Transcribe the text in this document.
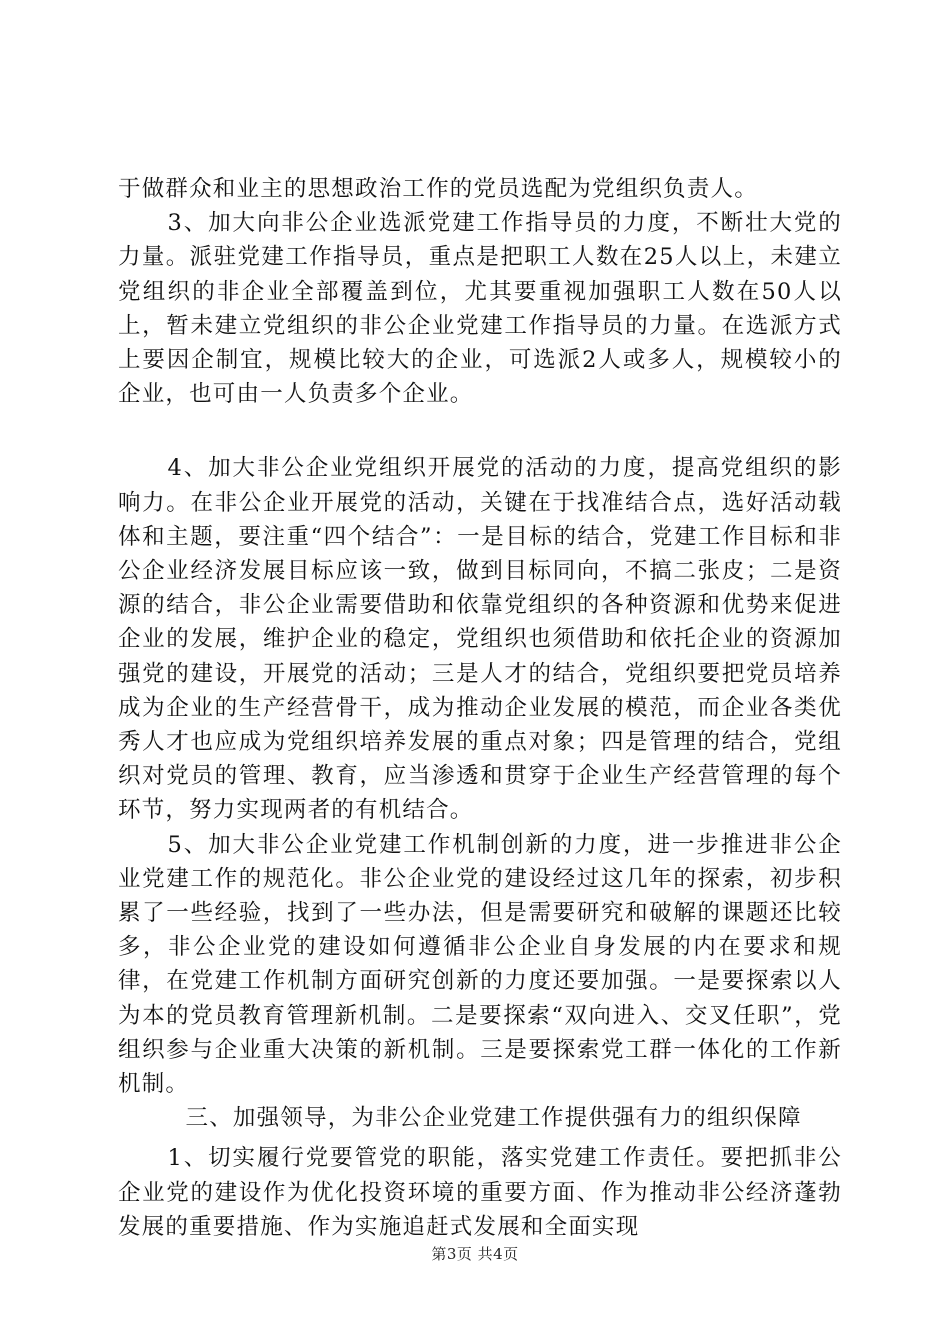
于做群众和业主的思想政治工作的党员选配为党组织负责人。

3、加大向非公企业选派党建工作指导员的力度，不断壮大党的力量。派驻党建工作指导员，重点是把职工人数在25人以上，未建立党组织的非企业全部覆盖到位，尤其要重视加强职工人数在50人以上，暂未建立党组织的非公企业党建工作指导员的力量。在选派方式上要因企制宜，规模比较大的企业，可选派2人或多人，规模较小的企业，也可由一人负责多个企业。

4、加大非公企业党组织开展党的活动的力度，提高党组织的影响力。在非公企业开展党的活动，关键在于找准结合点，选好活动载体和主题，要注重“四个结合”：一是目标的结合，党建工作目标和非公企业经济发展目标应该一致，做到目标同向，不搞二张皮；二是资源的结合，非公企业需要借助和依靠党组织的各种资源和优势来促进企业的发展，维护企业的稳定，党组织也须借助和依托企业的资源加强党的建设，开展党的活动；三是人才的结合，党组织要把党员培养成为企业的生产经营骨干，成为推动企业发展的模范，而企业各类优秀人才也应成为党组织培养发展的重点对象；四是管理的结合，党组织对党员的管理、教育，应当渗透和贯穿于企业生产经营管理的每个环节，努力实现两者的有机结合。

5、加大非公企业党建工作机制创新的力度，进一步推进非公企业党建工作的规范化。非公企业党的建设经过这几年的探索，初步积累了一些经验，找到了一些办法，但是需要研究和破解的课题还比较多，非公企业党的建设如何遵循非公企业自身发展的内在要求和规律，在党建工作机制方面研究创新的力度还要加强。一是要探索以人为本的党员教育管理新机制。二是要探索“双向进入、交叉任职”，党组织参与企业重大决策的新机制。三是要探索党工群一体化的工作新机制。

三、加强领导，为非公企业党建工作提供强有力的组织保障

1、切实履行党要管党的职能，落实党建工作责任。要把抓非公企业党的建设作为优化投资环境的重要方面、作为推动非公经济蓬勃发展的重要措施、作为实施追赶式发展和全面实现

第3页 共4页
